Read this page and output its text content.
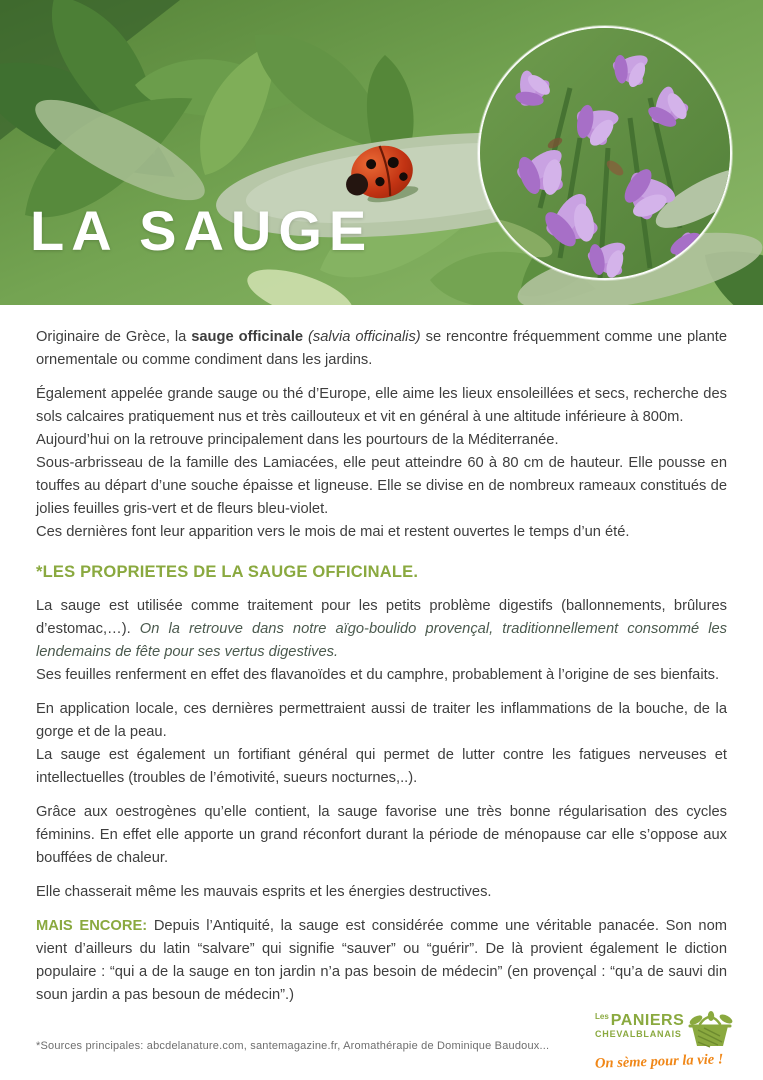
LA SAUGE

Originaire de Grèce, la sauge officinale (salvia officinalis) se rencontre fréquemment comme une plante ornementale ou comme condiment dans les jardins.

Également appelée grande sauge ou thé d’Europe, elle aime les lieux ensoleillées et secs, recherche des sols calcaires pratiquement nus et très caillouteux et vit en général à une altitude inférieure à 800m.

Aujourd’hui on la retrouve principalement dans les pourtours de la Méditerranée.

Sous-arbrisseau de la famille des Lamiacées, elle peut atteindre 60 à 80 cm de hauteur. Elle pousse en touffes au départ d’une souche épaisse et ligneuse. Elle se divise en de nombreux rameaux constitués de jolies feuilles gris-vert et de fleurs bleu-violet.

Ces dernières font leur apparition vers le mois de mai et restent ouvertes le temps d’un été.

*LES PROPRIETES DE LA SAUGE OFFICINALE.

La sauge est utilisée comme traitement pour les petits problème digestifs (ballonnements, brûlures d’estomac,…). On la retrouve dans notre aïgo-boulido provençal, traditionnellement consommé les lendemains de fête pour ses vertus digestives.

Ses feuilles renferment en effet des flavanoïdes et du camphre, probablement à l’origine de ses bienfaits.

En application locale, ces dernières permettraient aussi de traiter les inflammations de la bouche, de la gorge et de la peau.

La sauge est également un fortifiant général qui permet de lutter contre les fatigues nerveuses et intellectuelles (troubles de l’émotivité, sueurs nocturnes,..).

Grâce aux oestrogènes qu’elle contient, la sauge favorise une très bonne régularisation des cycles féminins. En effet elle apporte un grand réconfort durant la période de ménopause car elle s’oppose aux bouffées de chaleur.

Elle chasserait même les mauvais esprits et les énergies destructives.

MAIS ENCORE: Depuis l’Antiquité, la sauge est considérée comme une véritable panacée. Son nom vient d’ailleurs du latin “salvare” qui signifie “sauver” ou “guérir”. De là provient également le diction populaire : “qui a de la sauge en ton jardin n’a pas besoin de médecin” (en provençal : “qu’a de sauvi din soun jardin a pas besoun de médecin”.)

*Sources principales: abcdelanature.com, santemagazine.fr, Aromathérapie de Dominique Baudoux...

$^{Les}$ PANIERS
CHEVALBLANAIS
On sème pour la vie !
